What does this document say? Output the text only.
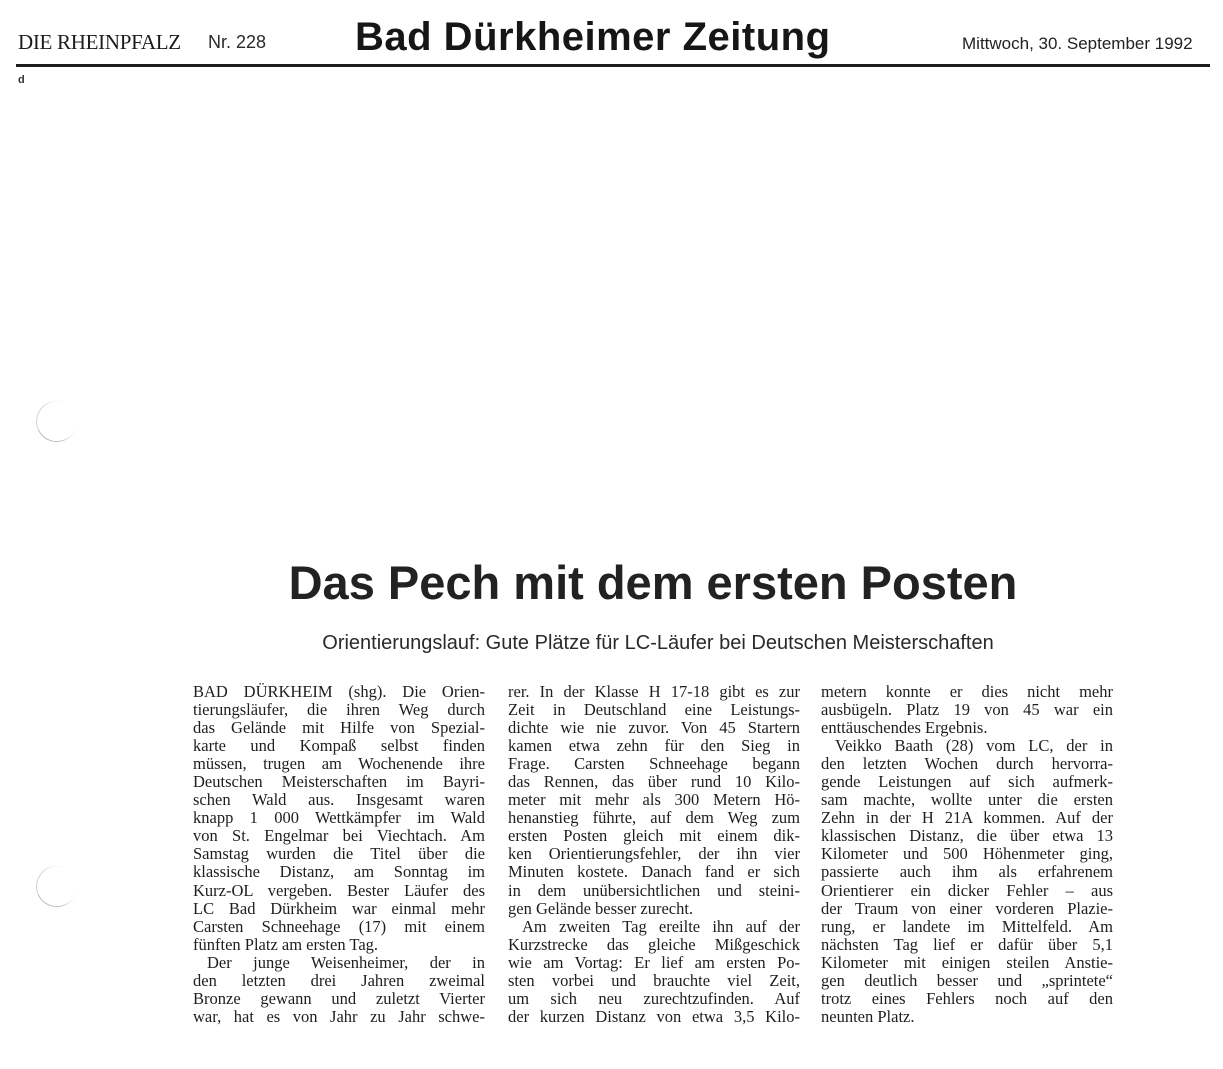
DIE RHEINPFALZ Nr. 228 Bad Dürkheimer Zeitung	Mittwoch, 30. September 1992
d
Das Pech mit dem ersten Posten
Orientierungslauf: Gute Plätze für LC-Läufer bei Deutschen Meisterschaften
BAD DÜRKHEIM (shg). Die Orien-
tierungsläufer, die ihren Weg durch
das Gelände mit Hilfe von Spezial-
karte und Kompaß selbst finden
müssen, trugen am Wochenende ihre
Deutschen Meisterschaften im Bayri-
schen Wald aus. Insgesamt waren
knapp 1 000 Wettkämpfer im Wald
von St. Engelmar bei Viechtach. Am
Samstag wurden die Titel über die
klassische Distanz, am Sonntag im
Kurz-OL vergeben. Bester Läufer des
LC Bad Dürkheim war einmal mehr
Carsten Schneehage (17) mit einem
fünften Platz am ersten Tag.
Der junge Weisenheimer, der in
den letzten drei Jahren zweimal
Bronze gewann und zuletzt Vierter
war, hat es von Jahr zu Jahr schwe-
rer. In der Klasse H 17-18 gibt es zur
Zeit in Deutschland eine Leistungs-
dichte wie nie zuvor. Von 45 Startern
kamen etwa zehn für den Sieg in
Frage. Carsten Schneehage begann
das Rennen, das über rund 10 Kilo-
meter mit mehr als 300 Metern Hö-
henanstieg führte, auf dem Weg zum
ersten Posten gleich mit einem dik-
ken Orientierungsfehler, der ihn vier
Minuten kostete. Danach fand er sich
in dem unübersichtlichen und steini-
gen Gelände besser zurecht.
Am zweiten Tag ereilte ihn auf der
Kurzstrecke das gleiche Mißgeschick
wie am Vortag: Er lief am ersten Po-
sten vorbei und brauchte viel Zeit,
um sich neu zurechtzufinden. Auf
der kurzen Distanz von etwa 3,5 Kilo-
metern konnte er dies nicht mehr
ausbügeln. Platz 19 von 45 war ein
enttäuschendes Ergebnis.
Veikko Baath (28) vom LC, der in
den letzten Wochen durch hervorra-
gende Leistungen auf sich aufmerk-
sam machte, wollte unter die ersten
Zehn in der H 21A kommen. Auf der
klassischen Distanz, die über etwa 13
Kilometer und 500 Höhenmeter ging,
passierte auch ihm als erfahrenem
Orientierer ein dicker Fehler – aus
der Traum von einer vorderen Plazie-
rung, er landete im Mittelfeld. Am
nächsten Tag lief er dafür über 5,1
Kilometer mit einigen steilen Anstie-
gen deutlich besser und „sprintete“
trotz eines Fehlers noch auf den
neunten Platz.
